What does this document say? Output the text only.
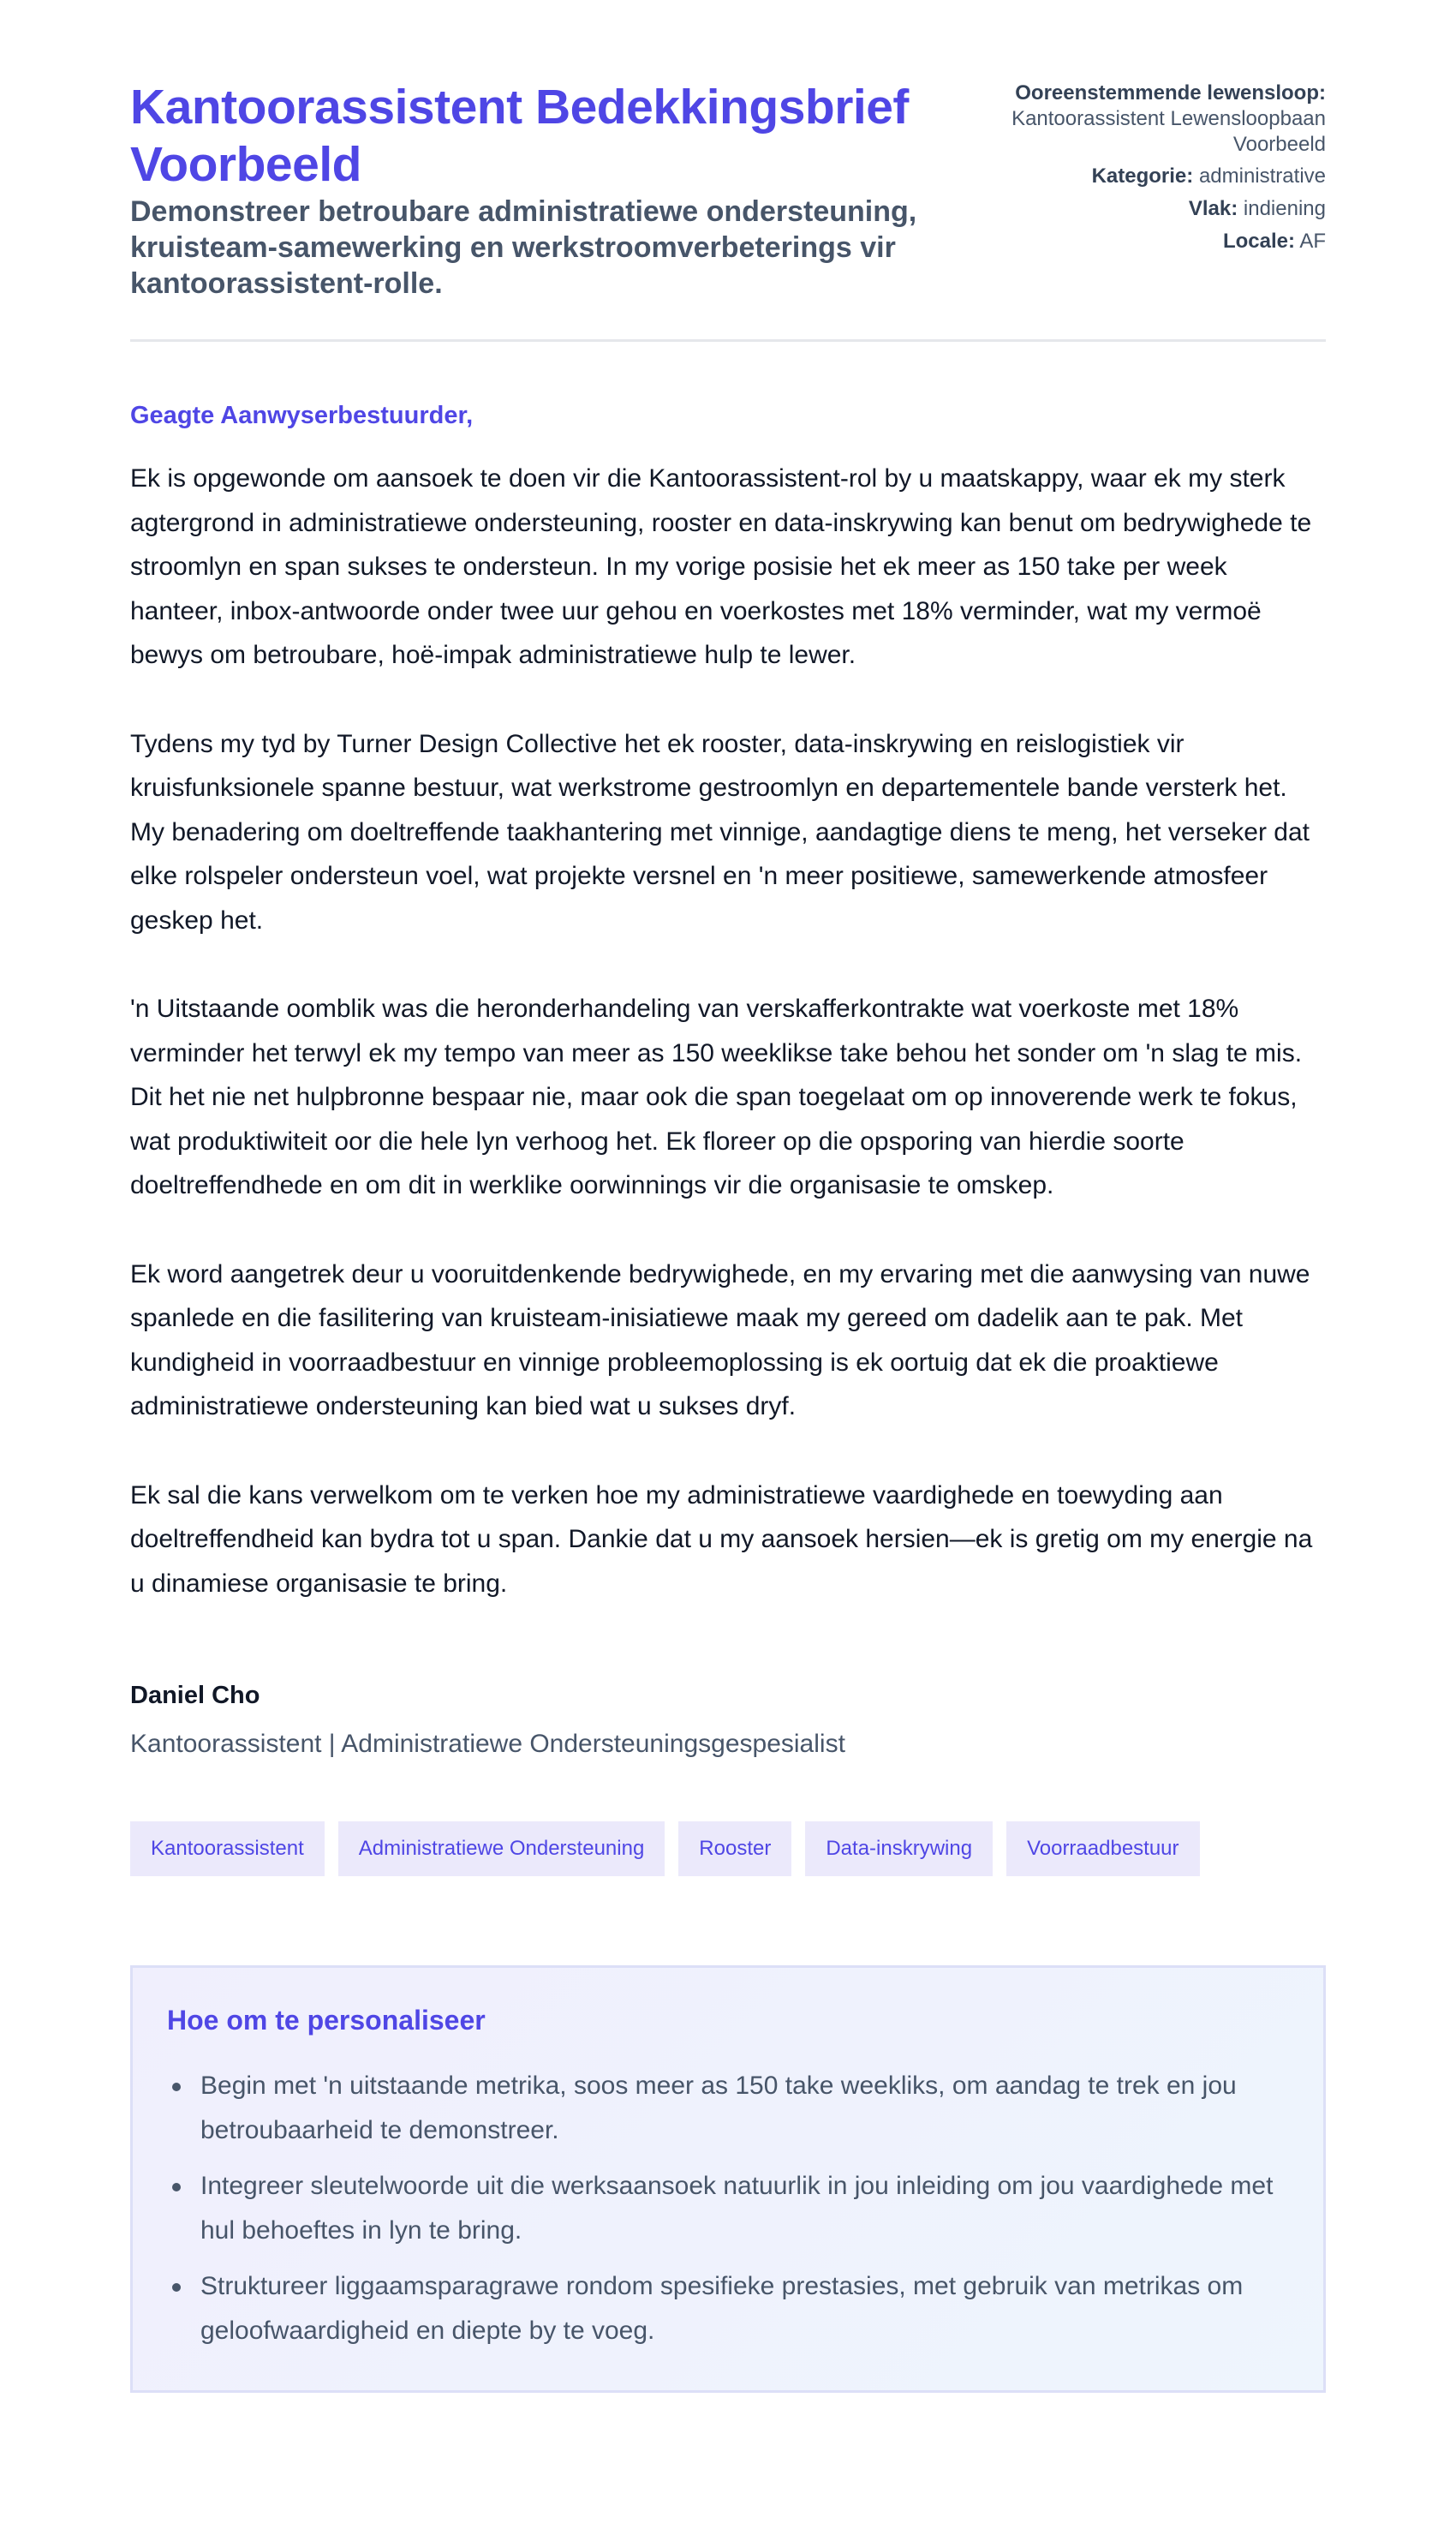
Kantoorassistent Bedekkingsbrief Voorbeeld

Demonstreer betroubare administratiewe ondersteuning, kruisteam-samewerking en werkstroomverbeterings vir kantoorassistent-rolle.

Ooreenstemmende lewensloop: Kantoorassistent Lewensloopbaan Voorbeeld
Kategorie: administrative
Vlak: indiening
Locale: AF

Geagte Aanwyserbestuurder,

Ek is opgewonde om aansoek te doen vir die Kantoorassistent-rol by u maatskappy, waar ek my sterk agtergrond in administratiewe ondersteuning, rooster en data-inskrywing kan benut om bedrywighede te stroomlyn en span sukses te ondersteun. In my vorige posisie het ek meer as 150 take per week hanteer, inbox-antwoorde onder twee uur gehou en voerkostes met 18% verminder, wat my vermoë bewys om betroubare, hoë-impak administratiewe hulp te lewer.

Tydens my tyd by Turner Design Collective het ek rooster, data-inskrywing en reislogistiek vir kruisfunksionele spanne bestuur, wat werkstrome gestroomlyn en departementele bande versterk het. My benadering om doeltreffende taakhantering met vinnige, aandagtige diens te meng, het verseker dat elke rolspeler ondersteun voel, wat projekte versnel en 'n meer positiewe, samewerkende atmosfeer geskep het.

'n Uitstaande oomblik was die heronderhandeling van verskafferkontrakte wat voerkoste met 18% verminder het terwyl ek my tempo van meer as 150 weeklikse take behou het sonder om 'n slag te mis. Dit het nie net hulpbronne bespaar nie, maar ook die span toegelaat om op innoverende werk te fokus, wat produktiwiteit oor die hele lyn verhoog het. Ek floreer op die opsporing van hierdie soorte doeltreffendhede en om dit in werklike oorwinnings vir die organisasie te omskep.

Ek word aangetrek deur u vooruitdenkende bedrywighede, en my ervaring met die aanwysing van nuwe spanlede en die fasilitering van kruisteam-inisiatiewe maak my gereed om dadelik aan te pak. Met kundigheid in voorraadbestuur en vinnige probleemoplossing is ek oortuig dat ek die proaktiewe administratiewe ondersteuning kan bied wat u sukses dryf.

Ek sal die kans verwelkom om te verken hoe my administratiewe vaardighede en toewyding aan doeltreffendheid kan bydra tot u span. Dankie dat u my aansoek hersien—ek is gretig om my energie na u dinamiese organisasie te bring.

Daniel Cho

Kantoorassistent | Administratiewe Ondersteuningsgespesialist

Kantoorassistent	Administratiewe Ondersteuning	Rooster	Data-inskrywing	Voorraadbestuur
Hoe om te personaliseer
Begin met 'n uitstaande metrika, soos meer as 150 take weekliks, om aandag te trek en jou betroubaarheid te demonstreer.
Integreer sleutelwoorde uit die werksaansoek natuurlik in jou inleiding om jou vaardighede met hul behoeftes in lyn te bring.
Struktureer liggaamsparagrawe rondom spesifieke prestasies, met gebruik van metrikas om geloofwaardigheid en diepte by te voeg.
